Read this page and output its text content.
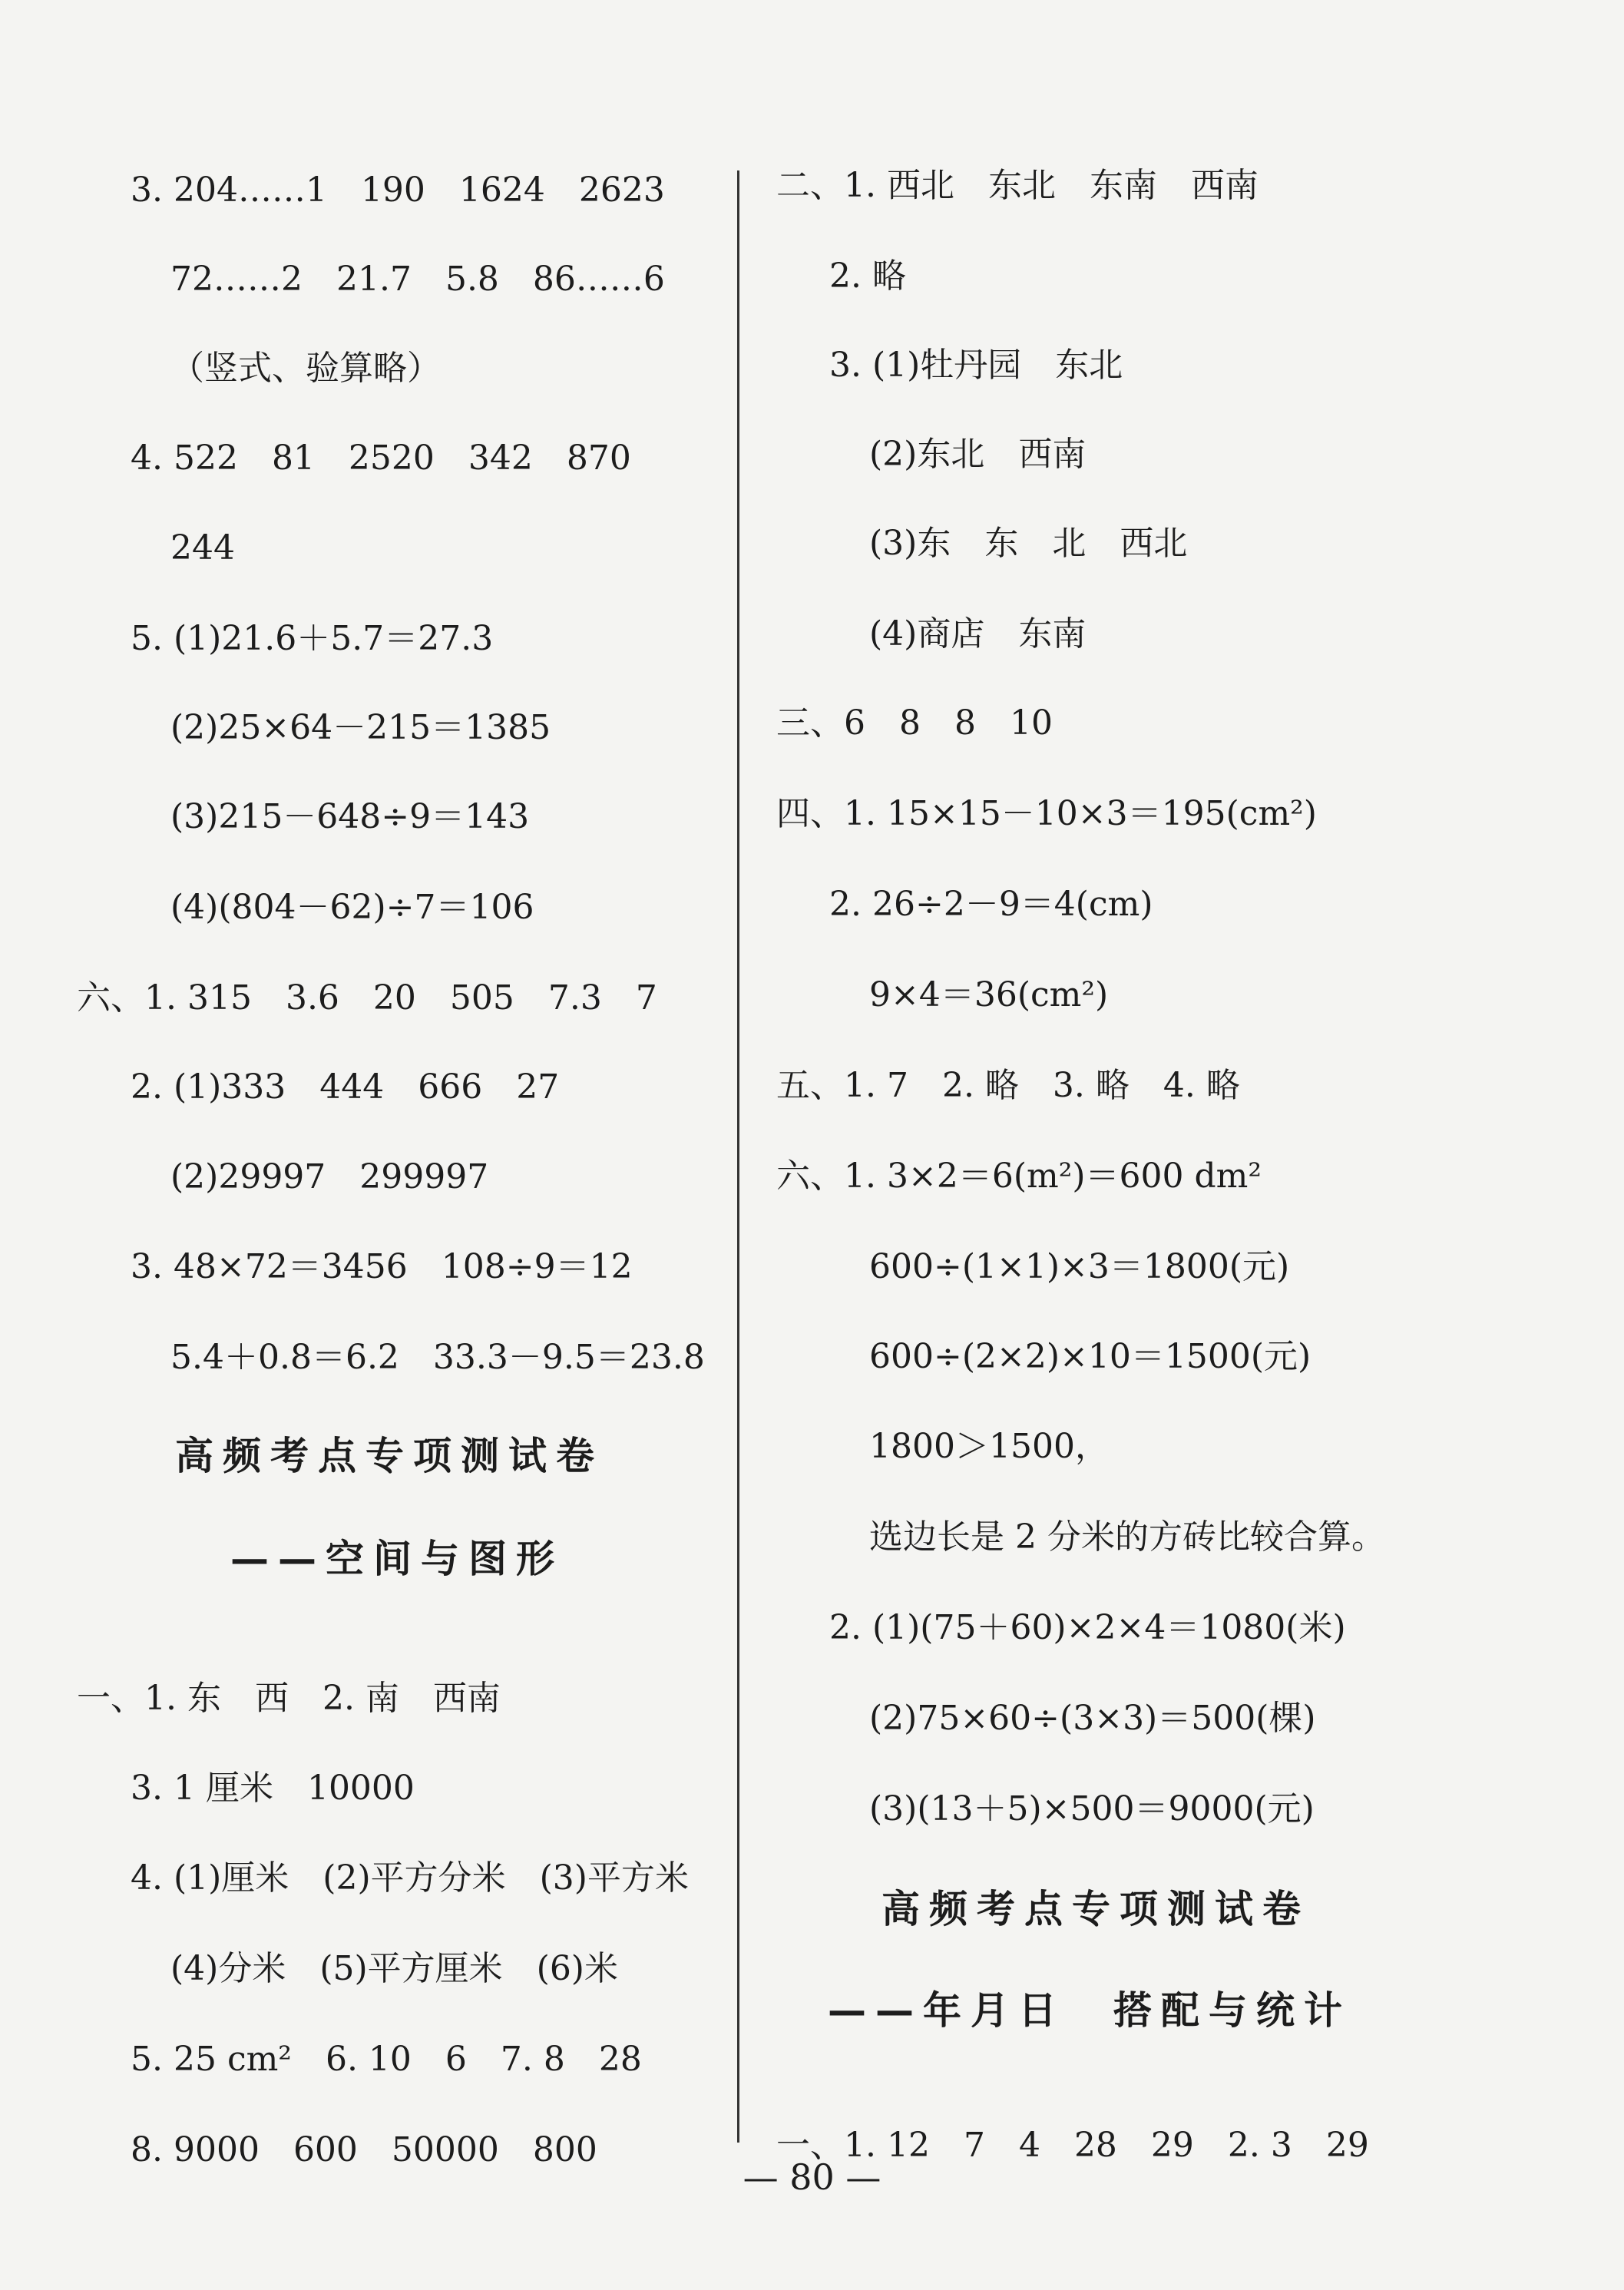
3. 204……1　190　1624　2623
72……2　21.7　5.8　86……6
（竖式、验算略）
4. 522　81　2520　342　870
244
5. (1)21.6＋5.7＝27.3
(2)25×64－215＝1385
(3)215－648÷9＝143
(4)(804－62)÷7＝106
六、1. 315　3.6　20　505　7.3　7
2. (1)333　444　666　27
(2)29997　299997
3. 48×72＝3456　108÷9＝12
5.4＋0.8＝6.2　33.3－9.5＝23.8
高频考点专项测试卷
——空间与图形
一、1. 东　西　2. 南　西南
3. 1 厘米　10000
4. (1)厘米　(2)平方分米　(3)平方米
(4)分米　(5)平方厘米　(6)米
5. 25 cm²　6. 10　6　7. 8　28
8. 9000　600　50000　800
二、1. 西北　东北　东南　西南
2. 略
3. (1)牡丹园　东北
(2)东北　西南
(3)东　东　北　西北
(4)商店　东南
三、6　8　8　10
四、1. 15×15－10×3＝195(cm²)
2. 26÷2－9＝4(cm)
9×4＝36(cm²)
五、1. 7　2. 略　3. 略　4. 略
六、1. 3×2＝6(m²)＝600 dm²
600÷(1×1)×3＝1800(元)
600÷(2×2)×10＝1500(元)
1800＞1500，
选边长是 2 分米的方砖比较合算。
2. (1)(75＋60)×2×4＝1080(米)
(2)75×60÷(3×3)＝500(棵)
(3)(13＋5)×500＝9000(元)
高频考点专项测试卷
——年月日　搭配与统计
一、1. 12　7　4　28　29　2. 3　29
— 80 —
